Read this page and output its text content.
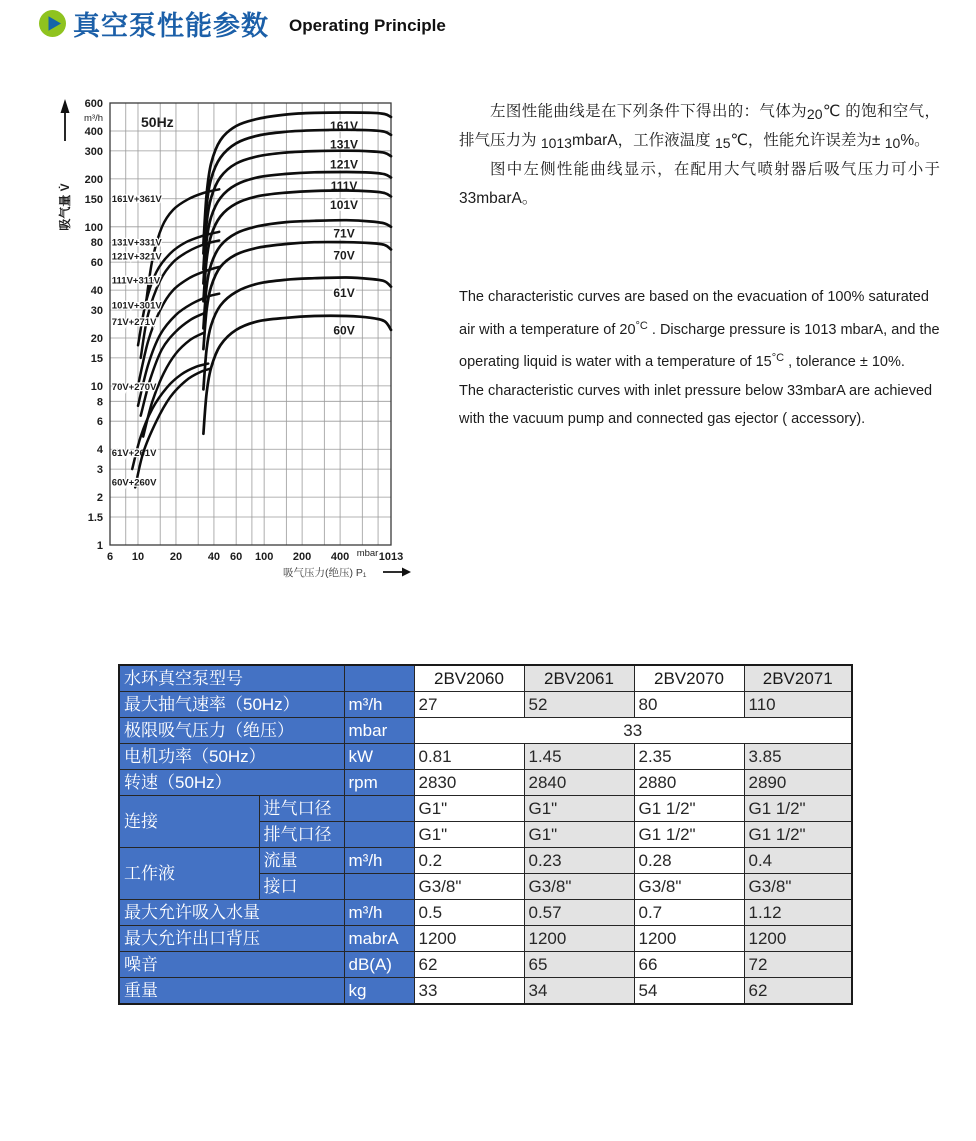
真空泵性能参数 Operating Principle
161V
131V
121V
111V
101V
71V
70V
61V
60V
161V+361V
131V+331V
121V+321V
111V+311V
101V+301V
71V+271V
70V+270V
61V+261V
60V+260V
6 10 20 40 60 100 200 400	1013
mbar
600
400
300
200
150
100
80
60
40
30
20
15
10
8
6
4
3
2
1.5
1
m³/h
吸气压力(绝压) P₁
吸气量 V̇
50Hz

左图性能曲线是在下列条件下得出的：气体为20℃ 的饱和空气，排气压力为 1013mbarA，工作液温度 15℃，性能允许误差为± 10%。

图中左侧性能曲线显示，在配用大气喷射器后吸气压力可小于 33mbarA。

The characteristic curves are based on the evacuation of 100% saturated air with a temperature of $20^{^\circ C}$ . Discharge pressure is 1013 mbarA, and the operating liquid is water with a temperature of $15^{^\circ C}$ , tolerance ± 10%.

The characteristic curves with inlet pressure below 33mbarA are achieved with the vacuum pump and connected gas ejector ( accessory).

水环真空泵型号			2BV2060	2BV2061	2BV2070	2BV2071
最大抽气速率（50Hz）		m³/h	27	52	80	110
极限吸气压力（绝压）		mbar	33			
电机功率（50Hz）		kW	0.81	1.45	2.35	3.85
转速（50Hz）		rpm	2830	2840	2880	2890
连接	进气口径		G1"	G1"	G1 1/2"	G1 1/2"
	排气口径		G1"	G1"	G1 1/2"	G1 1/2"
工作液	流量	m³/h	0.2	0.23	0.28	0.4
	接口		G3/8"	G3/8"	G3/8"	G3/8"
最大允许吸入水量		m³/h	0.5	0.57	0.7	1.12
最大允许出口背压		mabrA	1200	1200	1200	1200
噪音		dB(A)	62	65	66	72
重量		kg	33	34	54	62
